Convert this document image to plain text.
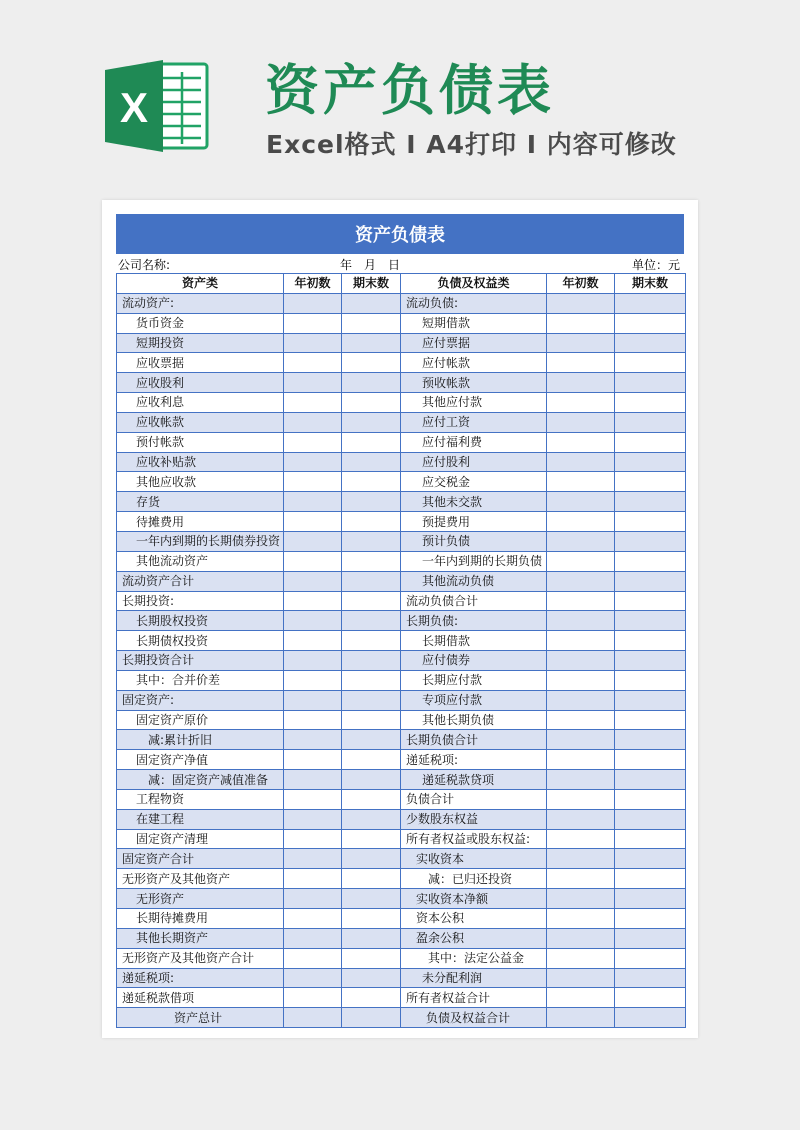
X 资产负债表
Excel格式 I A4打印 I 内容可修改
资产负债表
公司名称:	年　月　日	单位：元
资产类	年初数	期末数	负债及权益类	年初数	期末数
流动资产:			流动负债:		
货币资金			短期借款		
短期投资			应付票据		
应收票据			应付帐款		
应收股利			预收帐款		
应收利息			其他应付款		
应收帐款			应付工资		
预付帐款			应付福利费		
应收补贴款			应付股利		
其他应收款			应交税金		
存货			其他未交款		
待摊费用			预提费用		
一年内到期的长期债券投资			预计负债		
其他流动资产			一年内到期的长期负债		
流动资产合计			其他流动负债		
长期投资:			流动负债合计		
长期股权投资			长期负债:		
长期债权投资			长期借款		
长期投资合计			应付债券		
其中：合并价差			长期应付款		
固定资产:			专项应付款		
固定资产原价			其他长期负债		
减:累计折旧			长期负债合计		
固定资产净值			递延税项:		
减：固定资产减值准备			递延税款贷项		
工程物资			负债合计		
在建工程			少数股东权益		
固定资产清理			所有者权益或股东权益:		
固定资产合计			实收资本		
无形资产及其他资产			减：已归还投资		
无形资产			实收资本净额		
长期待摊费用			资本公积		
其他长期资产			盈余公积		
无形资产及其他资产合计			其中：法定公益金		
递延税项:			未分配利润		
递延税款借项			所有者权益合计		
资产总计			负债及权益合计		
